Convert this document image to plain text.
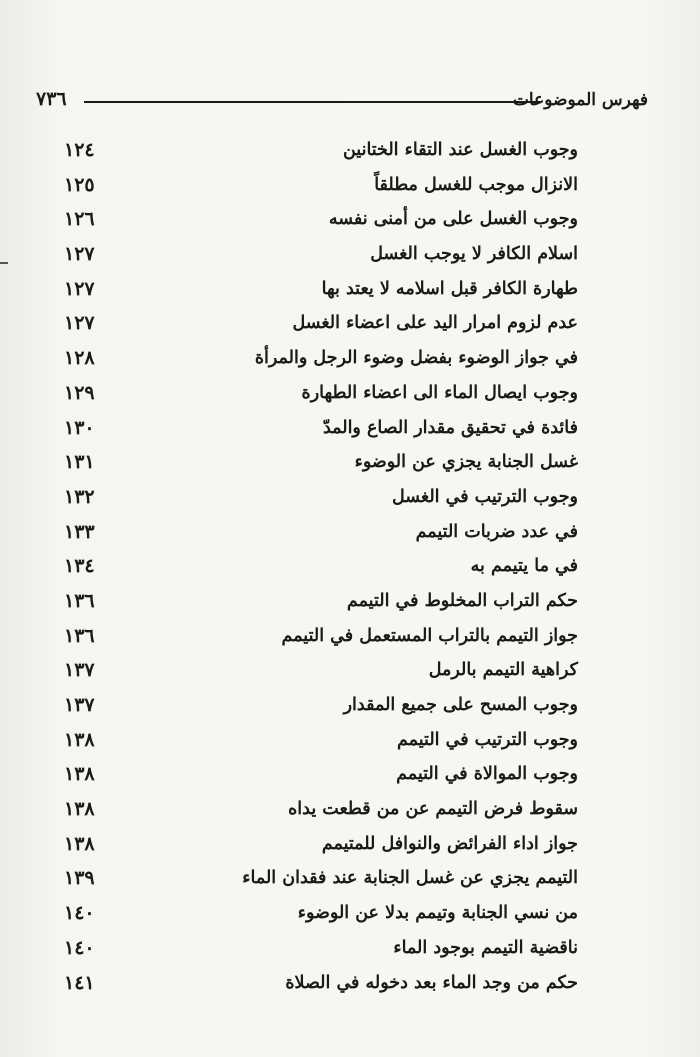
فهرس الموضوعات
٧٣٦
وجوب الغسل عند التقاء الختانين
١٢٤
الانزال موجب للغسل مطلقاً
١٢٥
وجوب الغسل على من أمنى نفسه
١٢٦
اسلام الكافر لا يوجب الغسل
١٢٧
طهارة الكافر قبل اسلامه لا يعتد بها
١٢٧
عدم لزوم امرار اليد على اعضاء الغسل
١٢٧
في جواز الوضوء بفضل وضوء الرجل والمرأة
١٢٨
وجوب ايصال الماء الى اعضاء الطهارة
١٢٩
فائدة في تحقيق مقدار الصاع والمدّ
١٣٠
غسل الجنابة يجزي عن الوضوء
١٣١
وجوب الترتيب في الغسل
١٣٢
في عدد ضربات التيمم
١٣٣
في ما يتيمم به
١٣٤
حكم التراب المخلوط في التيمم
١٣٦
جواز التيمم بالتراب المستعمل في التيمم
١٣٦
كراهية التيمم بالرمل
١٣٧
وجوب المسح على جميع المقدار
١٣٧
وجوب الترتيب في التيمم
١٣٨
وجوب الموالاة في التيمم
١٣٨
سقوط فرض التيمم عن من قطعت يداه
١٣٨
جواز اداء الفرائض والنوافل للمتيمم
١٣٨
التيمم يجزي عن غسل الجنابة عند فقدان الماء
١٣٩
من نسي الجنابة وتيمم بدلا عن الوضوء
١٤٠
ناقضية التيمم بوجود الماء
١٤٠
حكم من وجد الماء بعد دخوله في الصلاة
١٤١
